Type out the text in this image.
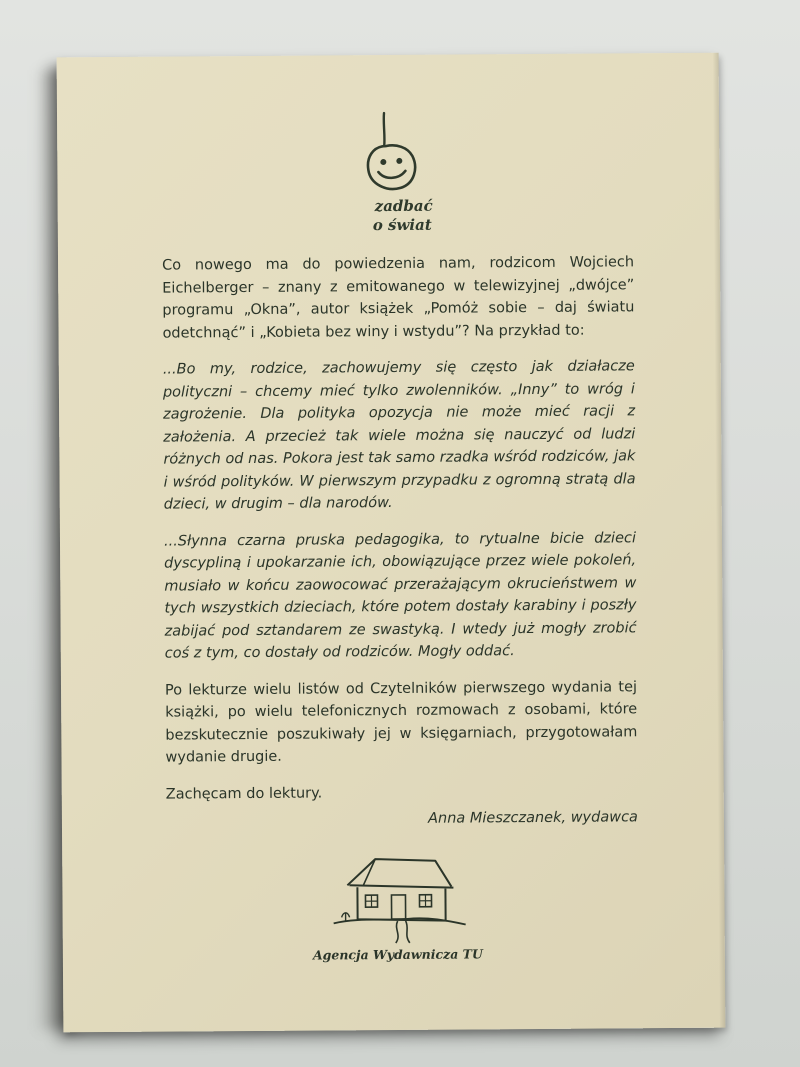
zadbać
o świat

Co nowego ma do powiedzenia nam, rodzicom Wojciech Eichelberger – znany z emitowanego w telewizyjnej „dwójce” programu „Okna”, autor książek „Pomóż sobie – daj światu odetchnąć” i „Kobieta bez winy i wstydu”? Na przykład to:

...Bo my, rodzice, zachowujemy się często jak działacze polityczni – chcemy mieć tylko zwolenników. „Inny” to wróg i zagrożenie. Dla polityka opozycja nie może mieć racji z założenia. A przecież tak wiele można się nauczyć od ludzi różnych od nas. Pokora jest tak samo rzadka wśród rodziców, jak i wśród polityków. W pierwszym przypadku z ogromną stratą dla dzieci, w drugim – dla narodów.

...Słynna czarna pruska pedagogika, to rytualne bicie dzieci dyscypliną i upokarzanie ich, obowiązujące przez wiele pokoleń, musiało w końcu zaowocować przerażającym okrucieństwem w tych wszystkich dzieciach, które potem dostały karabiny i poszły zabijać pod sztandarem ze swastyką. I wtedy już mogły zrobić coś z tym, co dostały od rodziców. Mogły oddać.

Po lekturze wielu listów od Czytelników pierwszego wydania tej książki, po wielu telefonicznych rozmowach z osobami, które bezskutecznie poszukiwały jej w księgarniach, przygotowałam wydanie drugie.

Zachęcam do lektury.

Anna Mieszczanek, wydawca

Agencja Wydawnicza TU
